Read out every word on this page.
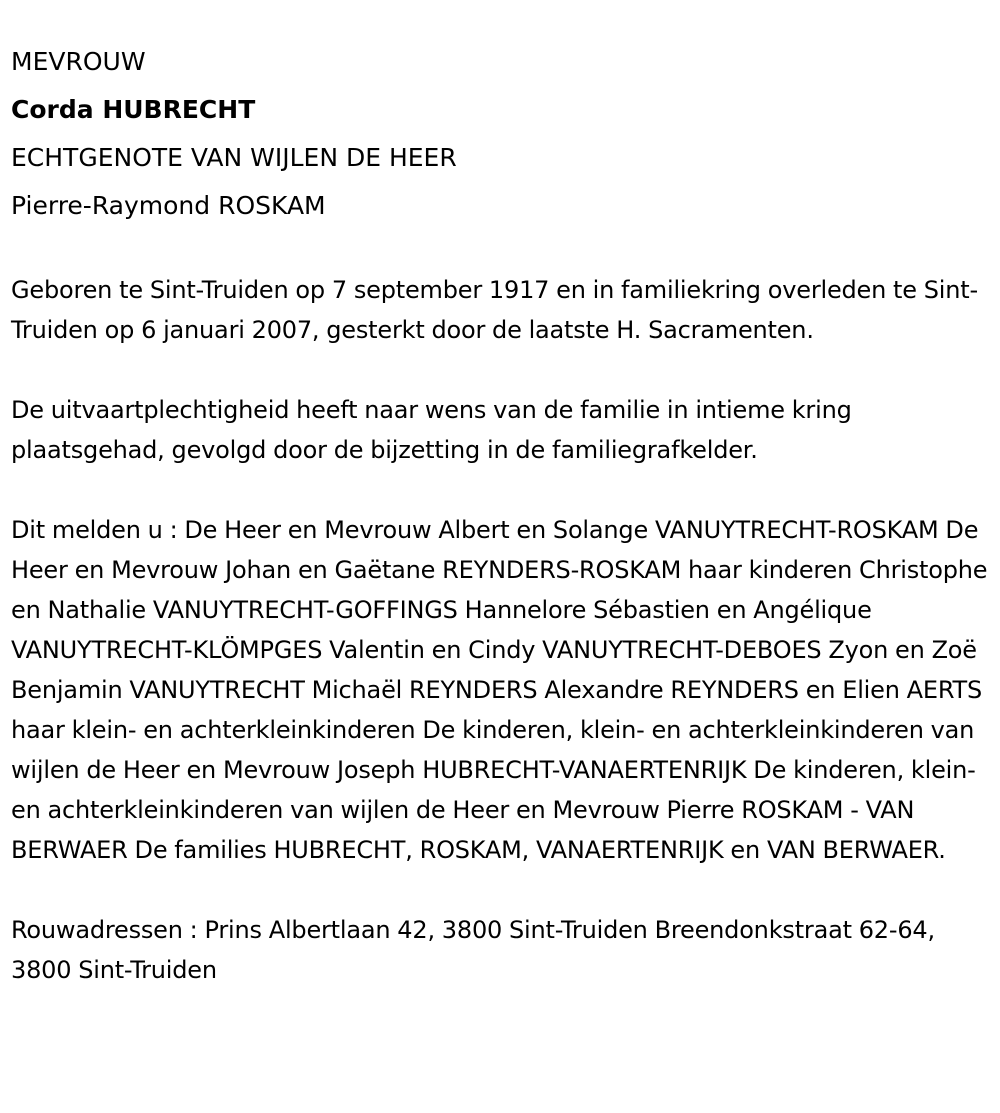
MEVROUW
Corda HUBRECHT
ECHTGENOTE VAN WIJLEN DE HEER
Pierre-Raymond ROSKAM

Geboren te Sint-Truiden op 7 september 1917 en in familiekring overleden te Sint-Truiden op 6 januari 2007, gesterkt door de laatste H. Sacramenten.

De uitvaartplechtigheid heeft naar wens van de familie in intieme kring plaatsgehad, gevolgd door de bijzetting in de familiegrafkelder.

Dit melden u : De Heer en Mevrouw Albert en Solange VANUYTRECHT-ROSKAM De Heer en Mevrouw Johan en Gaëtane REYNDERS-ROSKAM haar kinderen Christophe en Nathalie VANUYTRECHT-GOFFINGS Hannelore Sébastien en Angélique VANUYTRECHT-KLÖMPGES Valentin en Cindy VANUYTRECHT-DEBOES Zyon en Zoë Benjamin VANUYTRECHT Michaël REYNDERS Alexandre REYNDERS en Elien AERTS haar klein- en achterkleinkinderen De kinderen, klein- en achterkleinkinderen van wijlen de Heer en Mevrouw Joseph HUBRECHT-VANAERTENRIJK De kinderen, klein- en achterkleinkinderen van wijlen de Heer en Mevrouw Pierre ROSKAM - VAN BERWAER De families HUBRECHT, ROSKAM, VANAERTENRIJK en VAN BERWAER.

Rouwadressen : Prins Albertlaan 42, 3800 Sint-Truiden Breendonkstraat 62-64, 3800 Sint-Truiden
